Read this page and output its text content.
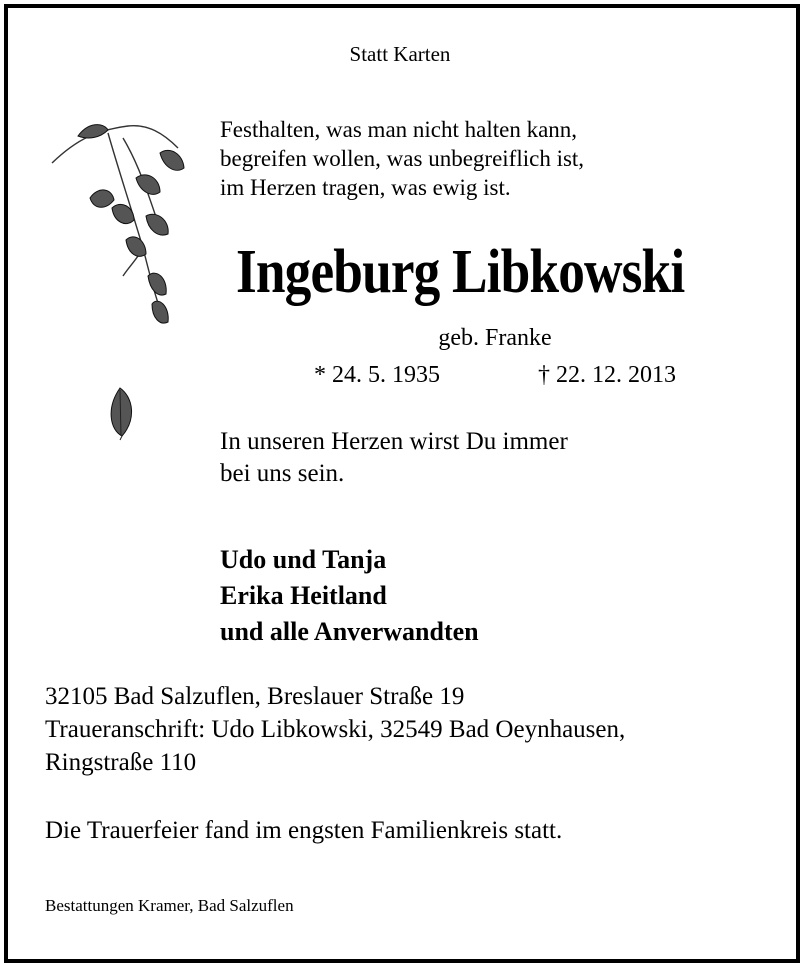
Statt Karten

Festhalten, was man nicht halten kann,
begreifen wollen, was unbegreiflich ist,
im Herzen tragen, was ewig ist.

Ingeburg Libkowski

geb. Franke

* 24. 5. 1935	† 22. 12. 2013

In unseren Herzen wirst Du immer
bei uns sein.
Udo und Tanja
Erika Heitland
und alle Anverwandten
32105 Bad Salzuflen, Breslauer Straße 19
Traueranschrift: Udo Libkowski, 32549 Bad Oeynhausen,
Ringstraße 110

Die Trauerfeier fand im engsten Familienkreis statt.

Bestattungen Kramer, Bad Salzuflen
